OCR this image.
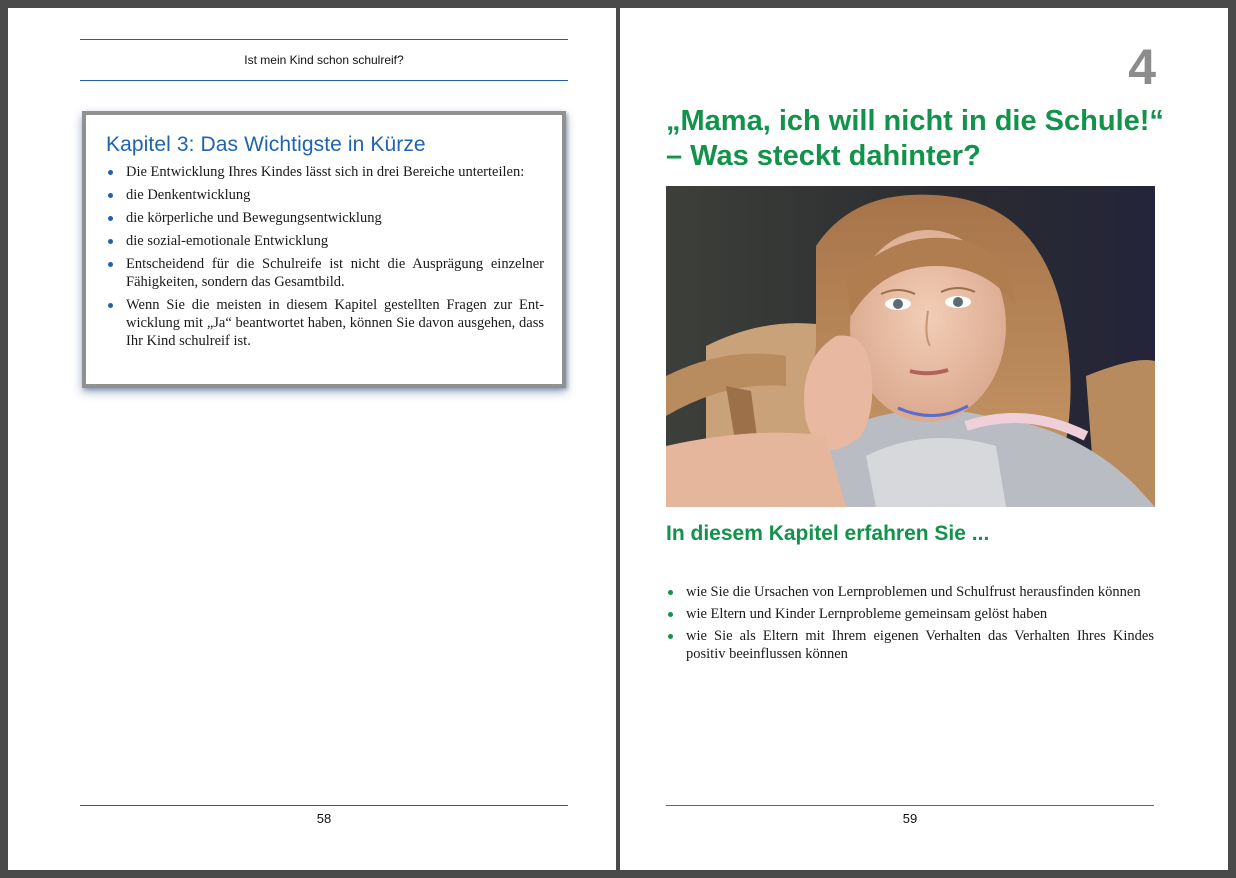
Ist mein Kind schon schulreif?
Kapitel 3: Das Wichtigste in Kürze
Die Entwicklung Ihres Kindes lässt sich in drei Bereiche unterteilen:
die Denkentwicklung
die körperliche und Bewegungsentwicklung
die sozial-emotionale Entwicklung
Entscheidend für die Schulreife ist nicht die Ausprägung einzelner Fähigkeiten, sondern das Gesamtbild.
Wenn Sie die meisten in diesem Kapitel gestellten Fragen zur Ent-wicklung mit „Ja“ beantwortet haben, können Sie davon ausgehen, dass Ihr Kind schulreif ist.
58
4
„Mama, ich will nicht in die Schule!“ – Was steckt dahinter?
In diesem Kapitel erfahren Sie ...
wie Sie die Ursachen von Lernproblemen und Schulfrust herausfinden können
wie Eltern und Kinder Lernprobleme gemeinsam gelöst haben
wie Sie als Eltern mit Ihrem eigenen Verhalten das Verhalten Ihres Kindes positiv beeinflussen können
59
